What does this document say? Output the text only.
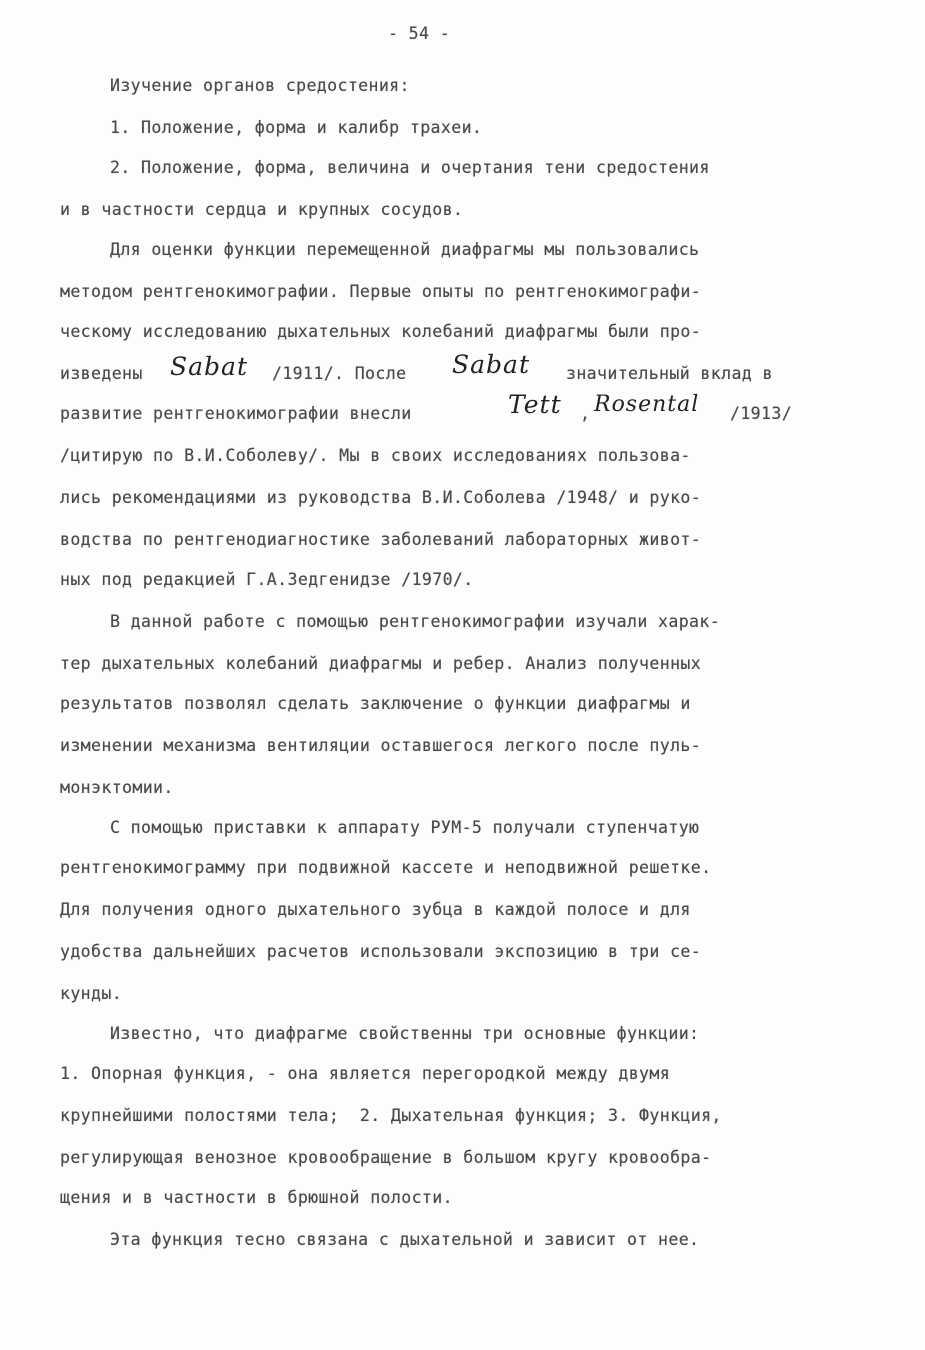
- 54 -
Изучение органов средостения:
1. Положение, форма и калибр трахеи.
2. Положение, форма, величина и очертания тени средостения
и в частности сердца и крупных сосудов.
Для оценки функции перемещенной диафрагмы мы пользовались
методом рентгенокимографии. Первые опыты по рентгенокимографи-
ческому исследованию дыхательных колебаний диафрагмы были про-
изведены Sabat /1911/. После Sabat значительный вклад в
развитие рентгенокимографии внесли	Tett , Rosental /1913/
/цитирую по В.И.Соболеву/. Мы в своих исследованиях пользова-
лись рекомендациями из руководства В.И.Соболева /1948/ и руко-
водства по рентгенодиагностике заболеваний лабораторных живот-
ных под редакцией Г.А.Зедгенидзе /1970/.
В данной работе с помощью рентгенокимографии изучали харак-
тер дыхательных колебаний диафрагмы и ребер. Анализ полученных
результатов позволял сделать заключение о функции диафрагмы и
изменении механизма вентиляции оставшегося легкого после пуль-
монэктомии.
С помощью приставки к аппарату РУМ-5 получали ступенчатую
рентгенокимограмму при подвижной кассете и неподвижной решетке.
Для получения одного дыхательного зубца в каждой полосе и для
удобства дальнейших расчетов использовали экспозицию в три се-
кунды.
Известно, что диафрагме свойственны три основные функции:
1. Опорная функция, - она является перегородкой между двумя
крупнейшими полостями тела;  2. Дыхательная функция; 3. Функция,
регулирующая венозное кровообращение в большом кругу кровообра-
щения и в частности в брюшной полости.
Эта функция тесно связана с дыхательной и зависит от нее.
